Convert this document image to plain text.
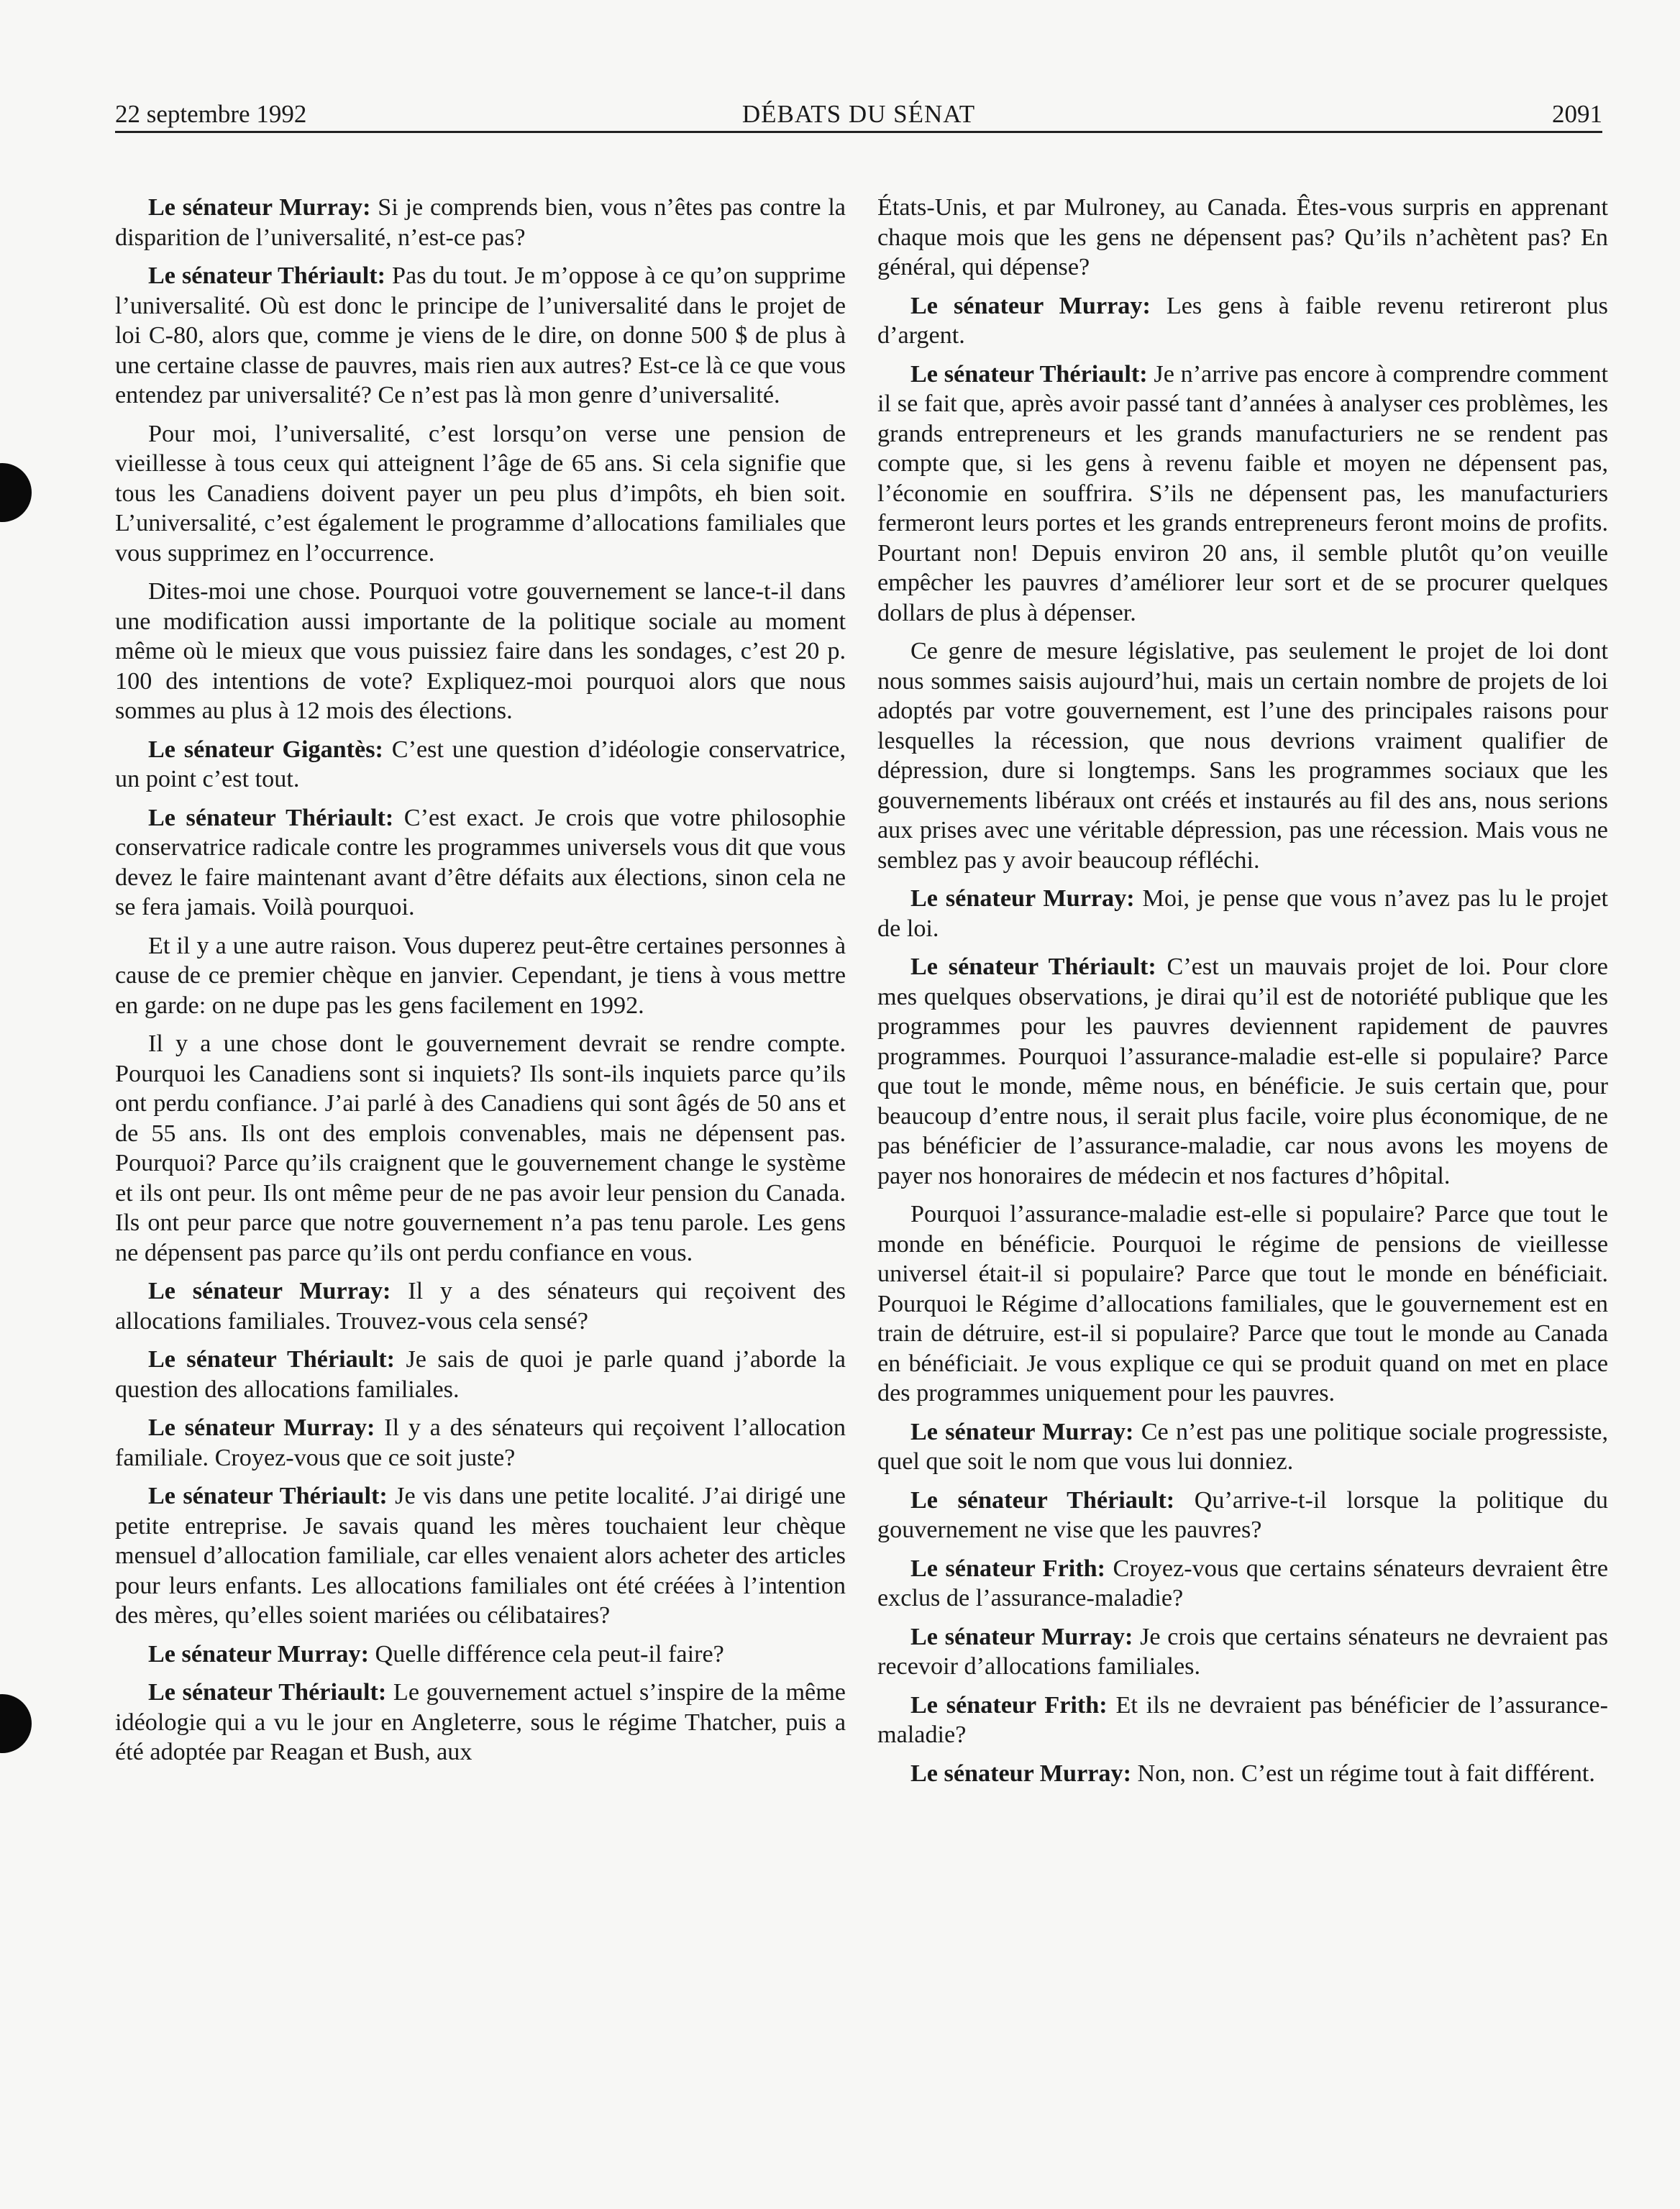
22 septembre 1992	DÉBATS DU SÉNAT	2091

Le sénateur Murray: Si je comprends bien, vous n’êtes pas contre la disparition de l’universalité, n’est-ce pas?

Le sénateur Thériault: Pas du tout. Je m’oppose à ce qu’on supprime l’universalité. Où est donc le principe de l’universalité dans le projet de loi C-80, alors que, comme je viens de le dire, on donne 500 $ de plus à une certaine classe de pauvres, mais rien aux autres? Est-ce là ce que vous entendez par universalité? Ce n’est pas là mon genre d’universalité.

Pour moi, l’universalité, c’est lorsqu’on verse une pension de vieillesse à tous ceux qui atteignent l’âge de 65 ans. Si cela signifie que tous les Canadiens doivent payer un peu plus d’impôts, eh bien soit. L’universalité, c’est également le programme d’allocations familiales que vous supprimez en l’occurrence.

Dites-moi une chose. Pourquoi votre gouvernement se lance-t-il dans une modification aussi importante de la politique sociale au moment même où le mieux que vous puissiez faire dans les sondages, c’est 20 p. 100 des intentions de vote? Expliquez-moi pourquoi alors que nous sommes au plus à 12 mois des élections.

Le sénateur Gigantès: C’est une question d’idéologie conservatrice, un point c’est tout.

Le sénateur Thériault: C’est exact. Je crois que votre philosophie conservatrice radicale contre les programmes universels vous dit que vous devez le faire maintenant avant d’être défaits aux élections, sinon cela ne se fera jamais. Voilà pourquoi.

Et il y a une autre raison. Vous duperez peut-être certaines personnes à cause de ce premier chèque en janvier. Cependant, je tiens à vous mettre en garde: on ne dupe pas les gens facilement en 1992.

Il y a une chose dont le gouvernement devrait se rendre compte. Pourquoi les Canadiens sont si inquiets? Ils sont-ils inquiets parce qu’ils ont perdu confiance. J’ai parlé à des Canadiens qui sont âgés de 50 ans et de 55 ans. Ils ont des emplois convenables, mais ne dépensent pas. Pourquoi? Parce qu’ils craignent que le gouvernement change le système et ils ont peur. Ils ont même peur de ne pas avoir leur pension du Canada. Ils ont peur parce que notre gouvernement n’a pas tenu parole. Les gens ne dépensent pas parce qu’ils ont perdu confiance en vous.

Le sénateur Murray: Il y a des sénateurs qui reçoivent des allocations familiales. Trouvez-vous cela sensé?

Le sénateur Thériault: Je sais de quoi je parle quand j’aborde la question des allocations familiales.

Le sénateur Murray: Il y a des sénateurs qui reçoivent l’allocation familiale. Croyez-vous que ce soit juste?

Le sénateur Thériault: Je vis dans une petite localité. J’ai dirigé une petite entreprise. Je savais quand les mères touchaient leur chèque mensuel d’allocation familiale, car elles venaient alors acheter des articles pour leurs enfants. Les allocations familiales ont été créées à l’intention des mères, qu’elles soient mariées ou célibataires?

Le sénateur Murray: Quelle différence cela peut-il faire?

Le sénateur Thériault: Le gouvernement actuel s’inspire de la même idéologie qui a vu le jour en Angleterre, sous le régime Thatcher, puis a été adoptée par Reagan et Bush, aux

États-Unis, et par Mulroney, au Canada. Êtes-vous surpris en apprenant chaque mois que les gens ne dépensent pas? Qu’ils n’achètent pas? En général, qui dépense?

Le sénateur Murray: Les gens à faible revenu retireront plus d’argent.

Le sénateur Thériault: Je n’arrive pas encore à comprendre comment il se fait que, après avoir passé tant d’années à analyser ces problèmes, les grands entrepreneurs et les grands manufacturiers ne se rendent pas compte que, si les gens à revenu faible et moyen ne dépensent pas, l’économie en souffrira. S’ils ne dépensent pas, les manufacturiers fermeront leurs portes et les grands entrepreneurs feront moins de profits. Pourtant non! Depuis environ 20 ans, il semble plutôt qu’on veuille empêcher les pauvres d’améliorer leur sort et de se procurer quelques dollars de plus à dépenser.

Ce genre de mesure législative, pas seulement le projet de loi dont nous sommes saisis aujourd’hui, mais un certain nombre de projets de loi adoptés par votre gouvernement, est l’une des principales raisons pour lesquelles la récession, que nous devrions vraiment qualifier de dépression, dure si longtemps. Sans les programmes sociaux que les gouvernements libéraux ont créés et instaurés au fil des ans, nous serions aux prises avec une véritable dépression, pas une récession. Mais vous ne semblez pas y avoir beaucoup réfléchi.

Le sénateur Murray: Moi, je pense que vous n’avez pas lu le projet de loi.

Le sénateur Thériault: C’est un mauvais projet de loi. Pour clore mes quelques observations, je dirai qu’il est de notoriété publique que les programmes pour les pauvres deviennent rapidement de pauvres programmes. Pourquoi l’assurance-maladie est-elle si populaire? Parce que tout le monde, même nous, en bénéficie. Je suis certain que, pour beaucoup d’entre nous, il serait plus facile, voire plus économique, de ne pas bénéficier de l’assurance-maladie, car nous avons les moyens de payer nos honoraires de médecin et nos factures d’hôpital.

Pourquoi l’assurance-maladie est-elle si populaire? Parce que tout le monde en bénéficie. Pourquoi le régime de pensions de vieillesse universel était-il si populaire? Parce que tout le monde en bénéficiait. Pourquoi le Régime d’allocations familiales, que le gouvernement est en train de détruire, est-il si populaire? Parce que tout le monde au Canada en bénéficiait. Je vous explique ce qui se produit quand on met en place des programmes uniquement pour les pauvres.

Le sénateur Murray: Ce n’est pas une politique sociale progressiste, quel que soit le nom que vous lui donniez.

Le sénateur Thériault: Qu’arrive-t-il lorsque la politique du gouvernement ne vise que les pauvres?

Le sénateur Frith: Croyez-vous que certains sénateurs devraient être exclus de l’assurance-maladie?

Le sénateur Murray: Je crois que certains sénateurs ne devraient pas recevoir d’allocations familiales.

Le sénateur Frith: Et ils ne devraient pas bénéficier de l’assurance-maladie?

Le sénateur Murray: Non, non. C’est un régime tout à fait différent.
